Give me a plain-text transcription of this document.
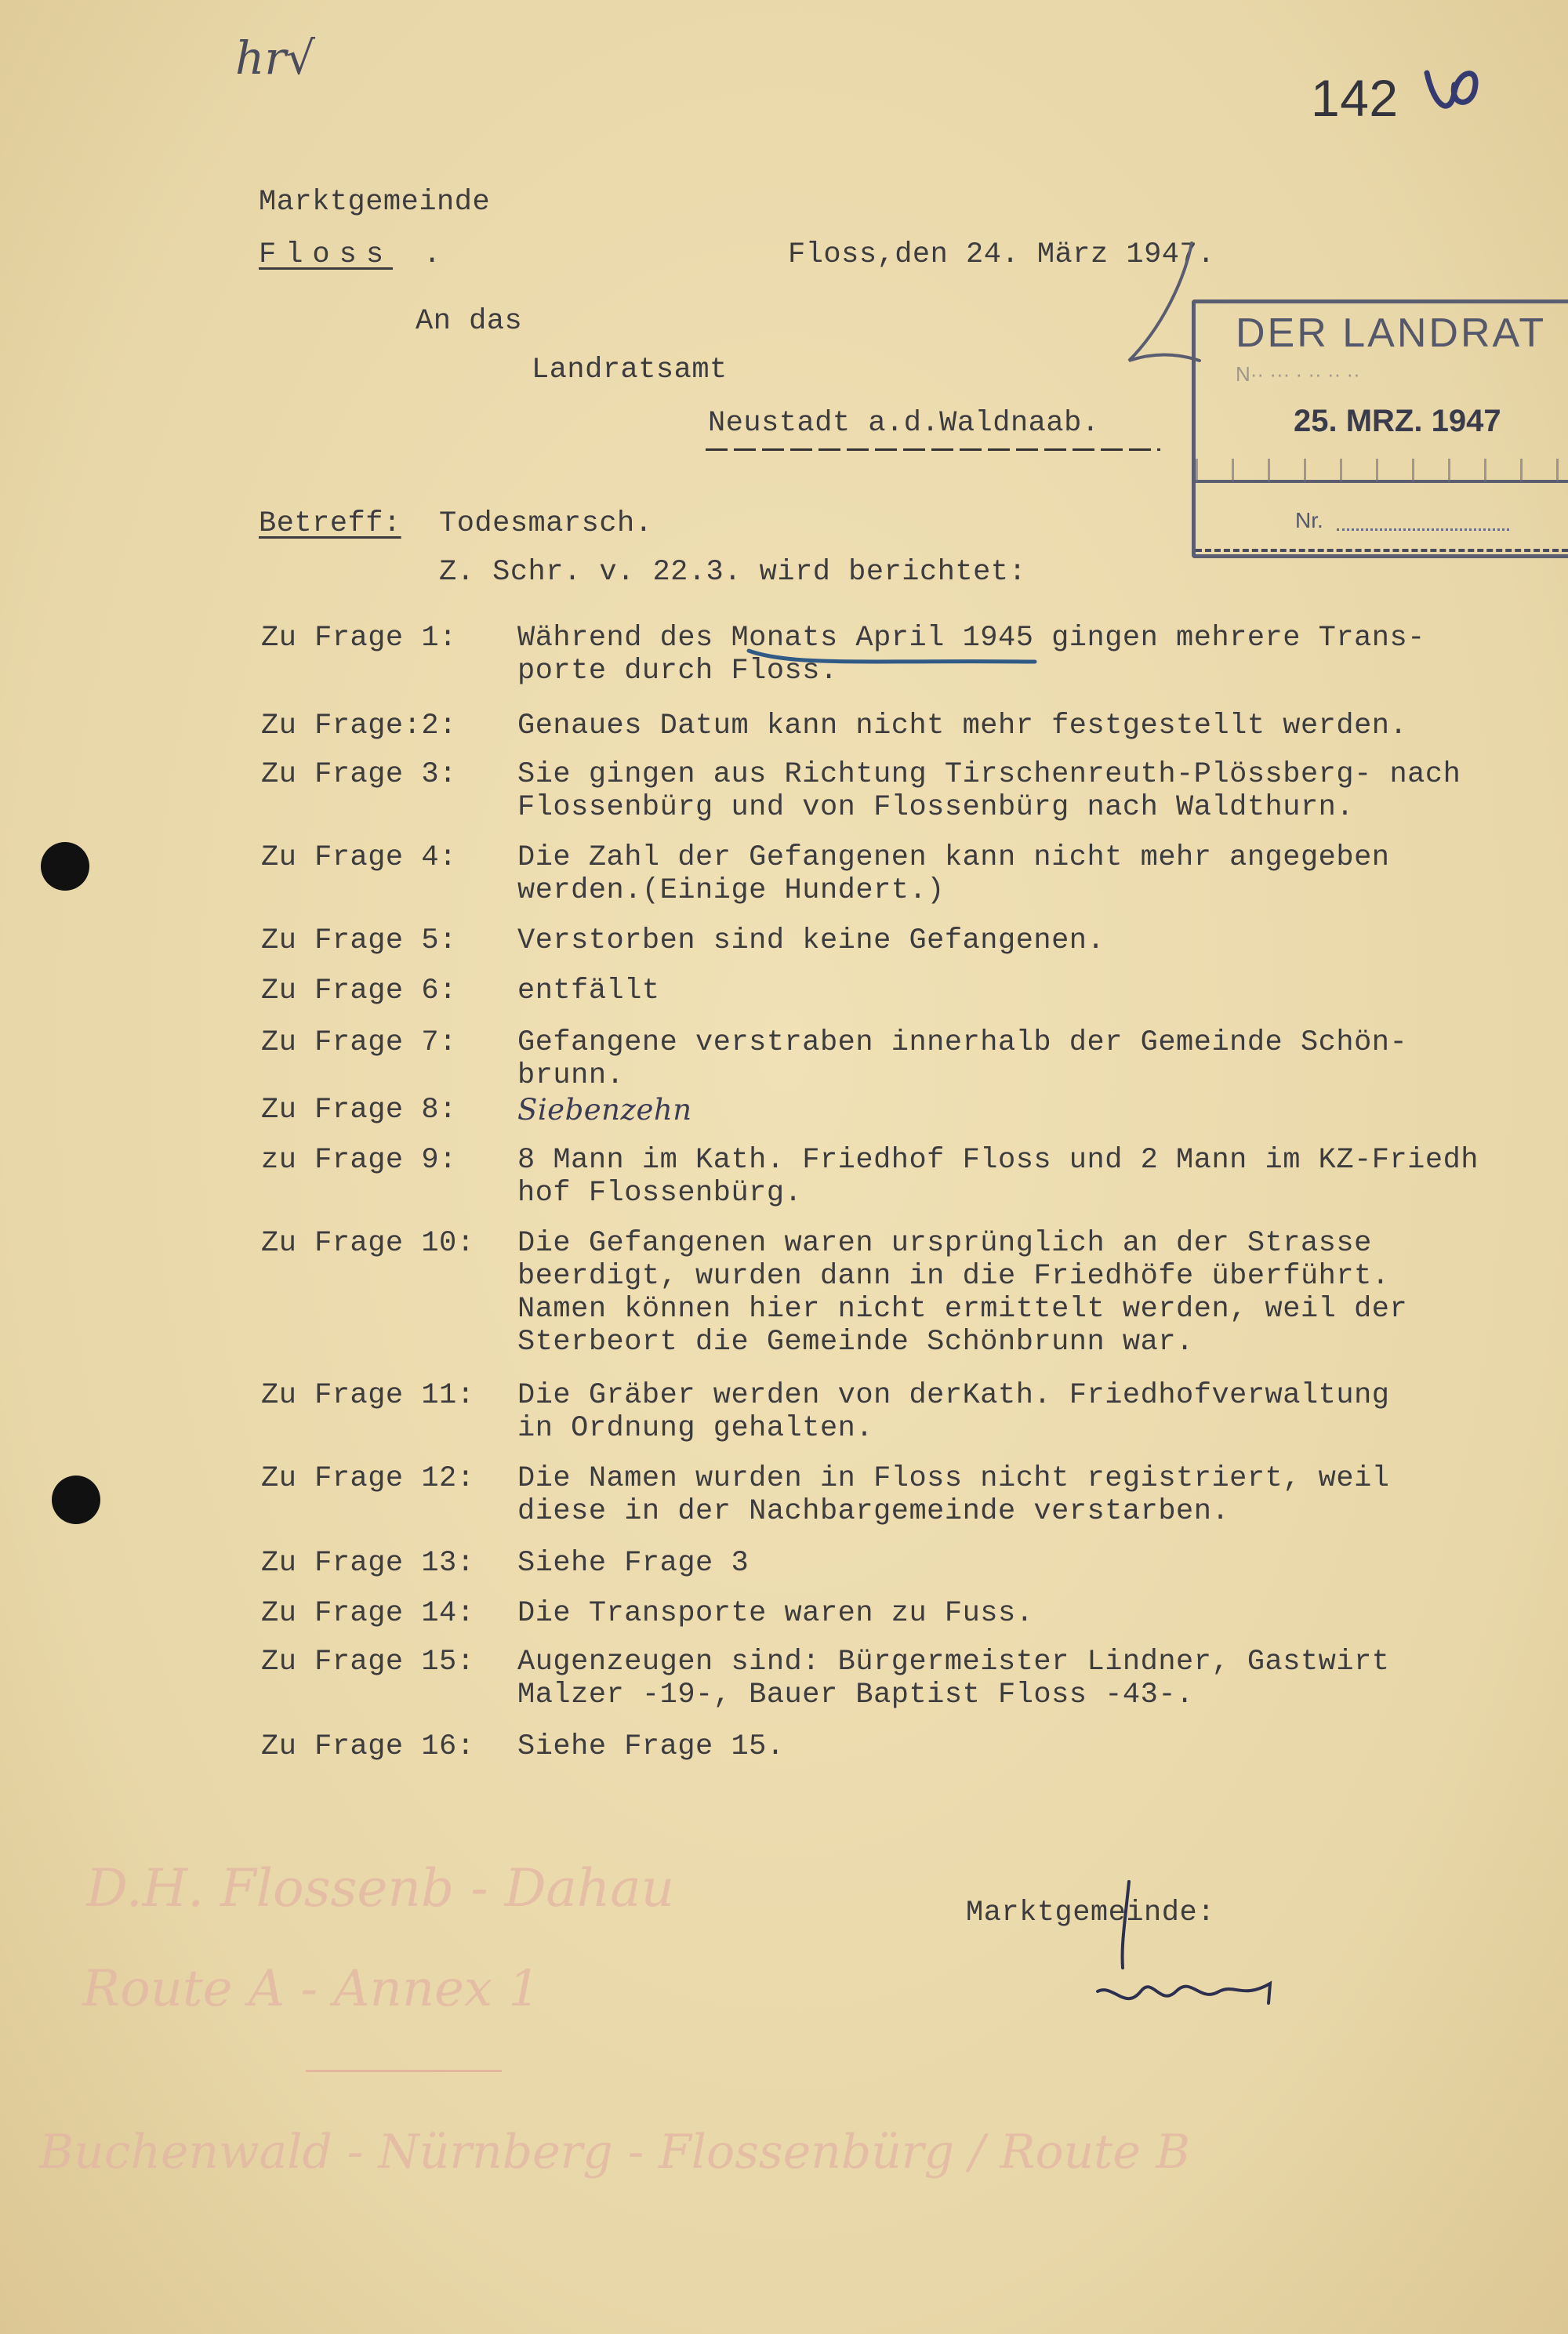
hr√
142
Marktgemeinde
Floss .	Floss,den 24. März 1947.
An das
Landratsamt
Neustadt a.d.Waldnaab.
DER LANDRAT
N·· ··· · ·· ·· ··
25. MRZ. 1947
Nr.
Betreff: Todesmarsch.
Z. Schr. v. 22.3. wird berichtet:
Zu Frage 1: Während des Monats April 1945 gingen mehrere Trans-
porte durch Floss.
Zu Frage:2: Genaues Datum kann nicht mehr festgestellt werden.
Zu Frage 3: Sie gingen aus Richtung Tirschenreuth-Plössberg- nach
Flossenbürg und von Flossenbürg nach Waldthurn.
Zu Frage 4: Die Zahl der Gefangenen kann nicht mehr angegeben
werden.(Einige Hundert.)
Zu Frage 5: Verstorben sind keine Gefangenen.
Zu Frage 6: entfällt
Zu Frage 7: Gefangene verstraben innerhalb der Gemeinde Schön-
brunn.
Zu Frage 8: Siebenzehn
zu Frage 9: 8 Mann im Kath. Friedhof Floss und 2 Mann im KZ-Friedh
hof Flossenbürg.
Zu Frage 10: Die Gefangenen waren ursprünglich an der Strasse
beerdigt, wurden dann in die Friedhöfe überführt.
Namen können hier nicht ermittelt werden, weil der
Sterbeort die Gemeinde Schönbrunn war.
Zu Frage 11: Die Gräber werden von derKath. Friedhofverwaltung
in Ordnung gehalten.
Zu Frage 12: Die Namen wurden in Floss nicht registriert, weil
diese in der Nachbargemeinde verstarben.
Zu Frage 13: Siehe Frage 3
Zu Frage 14: Die Transporte waren zu Fuss.
Zu Frage 15: Augenzeugen sind: Bürgermeister Lindner, Gastwirt
Malzer -19-, Bauer Baptist Floss -43-.
Zu Frage 16: Siehe Frage 15.
Marktgemeinde:
D.H. Flossenb - Dahau
Route A - Annex 1
Buchenwald - Nürnberg - Flossenbürg / Route B
